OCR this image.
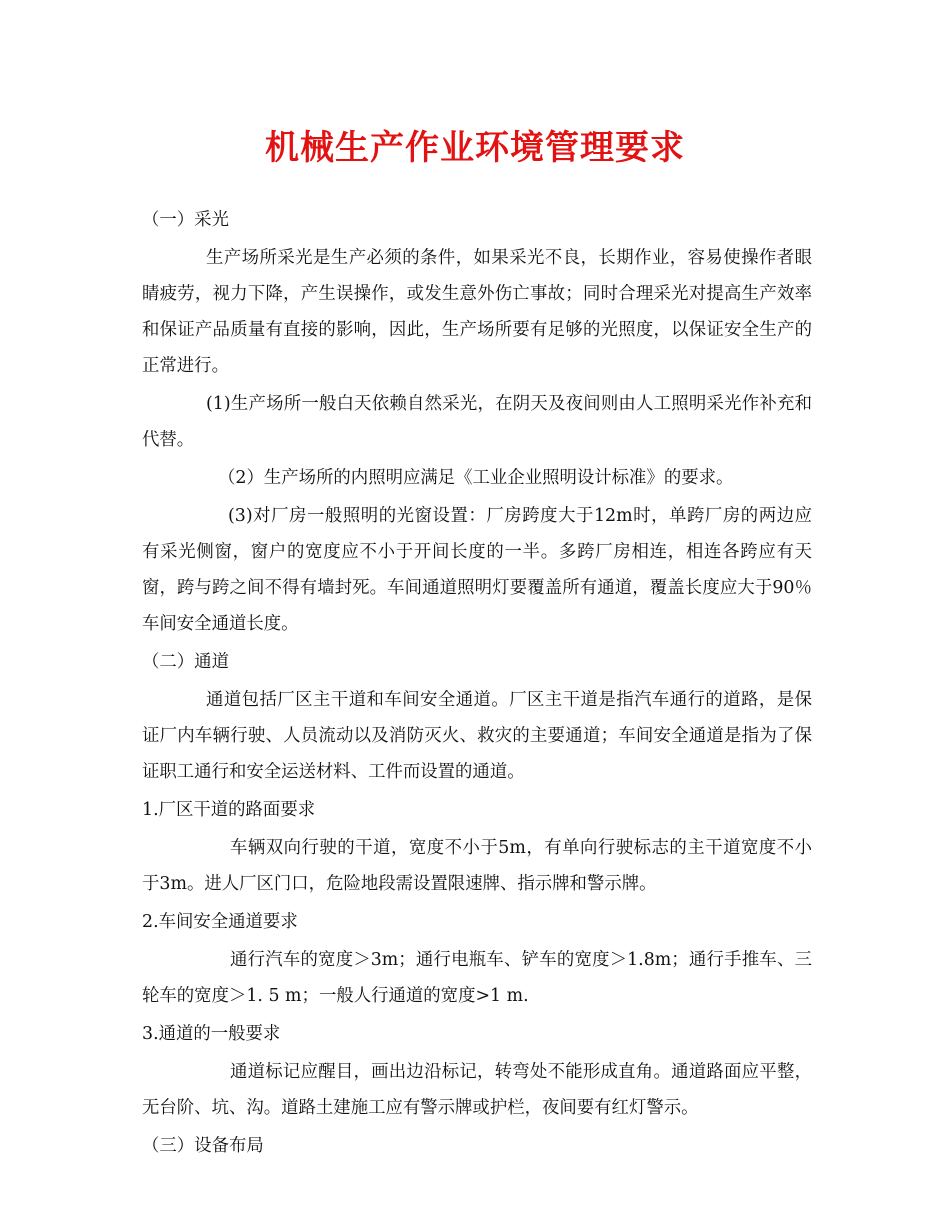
机械生产作业环境管理要求

（一）采光

生产场所采光是生产必须的条件，如果采光不良，长期作业，容易使操作者眼睛疲劳，视力下降，产生误操作，或发生意外伤亡事故；同时合理采光对提高生产效率和保证产品质量有直接的影响，因此，生产场所要有足够的光照度，以保证安全生产的正常进行。

(1)生产场所一般白天依赖自然采光，在阴天及夜间则由人工照明采光作补充和代替。

（2）生产场所的内照明应满足《工业企业照明设计标准》的要求。

(3)对厂房一般照明的光窗设置：厂房跨度大于12m时，单跨厂房的两边应有采光侧窗，窗户的宽度应不小于开间长度的一半。多跨厂房相连，相连各跨应有天窗，跨与跨之间不得有墙封死。车间通道照明灯要覆盖所有通道，覆盖长度应大于90％车间安全通道长度。

（二）通道

通道包括厂区主干道和车间安全通道。厂区主干道是指汽车通行的道路，是保证厂内车辆行驶、人员流动以及消防灭火、救灾的主要通道；车间安全通道是指为了保证职工通行和安全运送材料、工件而设置的通道。

1.厂区干道的路面要求

车辆双向行驶的干道，宽度不小于5m，有单向行驶标志的主干道宽度不小于3m。进人厂区门口，危险地段需设置限速牌、指示牌和警示牌。

2.车间安全通道要求

通行汽车的宽度＞3m；通行电瓶车、铲车的宽度＞1.8m；通行手推车、三轮车的宽度＞1. 5 m；一般人行通道的宽度>1 m.

3.通道的一般要求

通道标记应醒目，画出边沿标记，转弯处不能形成直角。通道路面应平整，无台阶、坑、沟。道路土建施工应有警示牌或护栏，夜间要有红灯警示。

（三）设备布局
